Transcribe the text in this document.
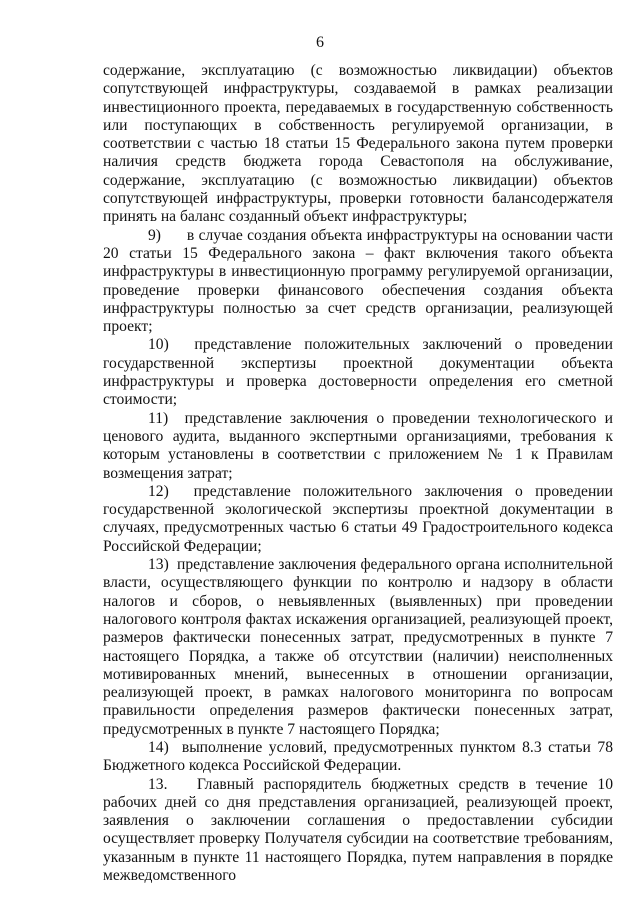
6

содержание, эксплуатацию (с возможностью ликвидации) объектов сопутствующей инфраструктуры, создаваемой в рамках реализации инвестиционного проекта, передаваемых в государственную собственность или поступающих в собственность регулируемой организации, в соответствии с частью 18 статьи 15 Федерального закона путем проверки наличия средств бюджета города Севастополя на обслуживание, содержание, эксплуатацию (с возможностью ликвидации) объектов сопутствующей инфраструктуры, проверки готовности балансодержателя принять на баланс созданный объект инфраструктуры;

9)      в случае создания объекта инфраструктуры на основании части 20 статьи 15 Федерального закона – факт включения такого объекта инфраструктуры в инвестиционную программу регулируемой организации, проведение проверки финансового обеспечения создания объекта инфраструктуры полностью за счет средств организации, реализующей проект;

10)  представление положительных заключений о проведении государственной экспертизы проектной документации объекта инфраструктуры и проверка достоверности определения его сметной стоимости;

11)  представление заключения о проведении технологического и ценового аудита, выданного экспертными организациями, требования к которым установлены в соответствии с приложением № 1 к Правилам возмещения затрат;

12)  представление положительного заключения о проведении государственной экологической экспертизы проектной документации в случаях, предусмотренных частью 6 статьи 49 Градостроительного кодекса Российской Федерации;

13)  представление заключения федерального органа исполнительной власти, осуществляющего функции по контролю и надзору в области налогов и сборов, о невыявленных (выявленных) при проведении налогового контроля фактах искажения организацией, реализующей проект, размеров фактически понесенных затрат, предусмотренных в пункте 7 настоящего Порядка, а также об отсутствии (наличии) неисполненных мотивированных мнений, вынесенных в отношении организации, реализующей проект, в рамках налогового мониторинга по вопросам правильности определения размеров фактически понесенных затрат, предусмотренных в пункте 7 настоящего Порядка;

14)  выполнение условий, предусмотренных пунктом 8.3 статьи 78 Бюджетного кодекса Российской Федерации.

13.   Главный распорядитель бюджетных средств в течение 10 рабочих дней со дня представления организацией, реализующей проект, заявления о заключении соглашения о предоставлении субсидии осуществляет проверку Получателя субсидии на соответствие требованиям, указанным в пункте 11 настоящего Порядка, путем направления в порядке межведомственного
